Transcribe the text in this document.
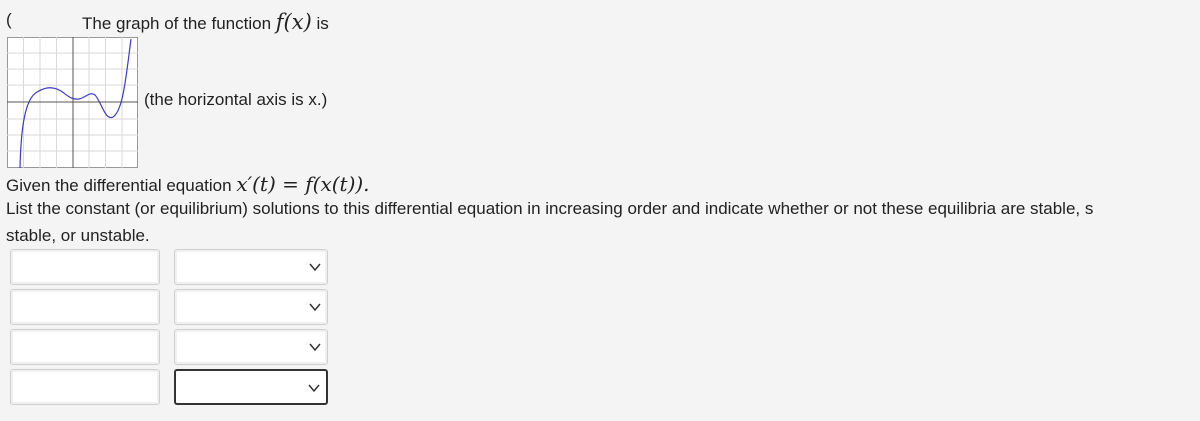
(	The graph of the function f(x) is
(the horizontal axis is x.)
Given the differential equation x′(t) = f(x(t)).
List the constant (or equilibrium) solutions to this differential equation in increasing order and indicate whether or not these equilibria are stable, s
stable, or unstable.
